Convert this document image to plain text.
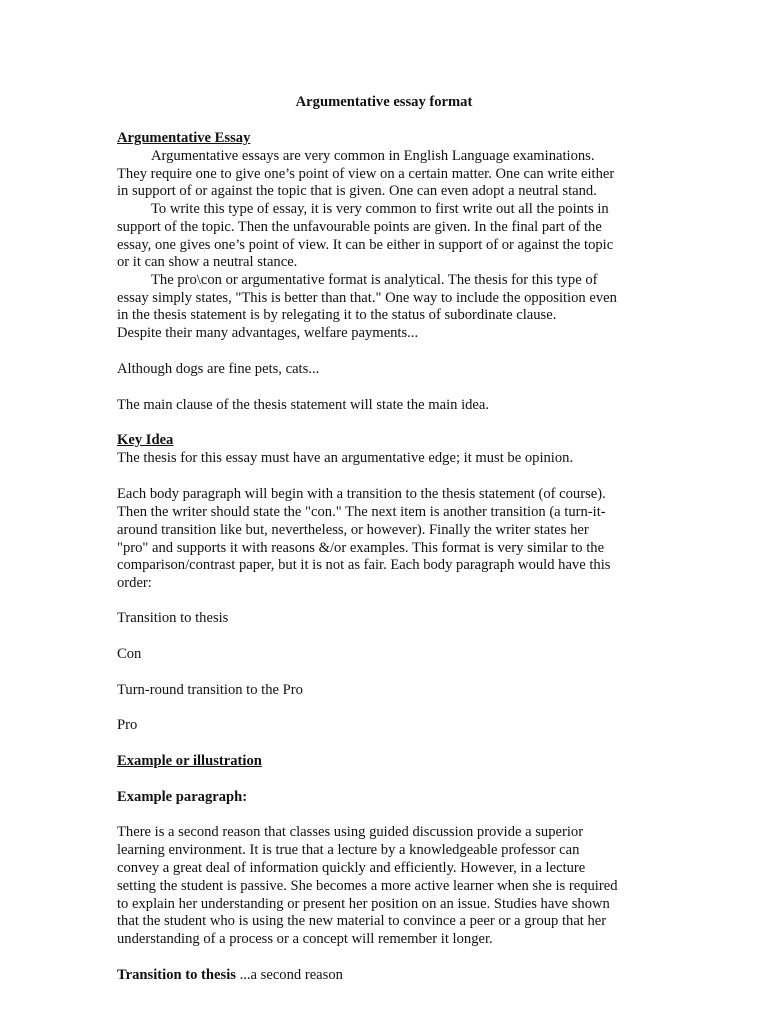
Argumentative essay format
Argumentative Essay
Argumentative essays are very common in English Language examinations.
They require one to give one’s point of view on a certain matter. One can write either
in support of or against the topic that is given. One can even adopt a neutral stand.
To write this type of essay, it is very common to first write out all the points in
support of the topic. Then the unfavourable points are given. In the final part of the
essay, one gives one’s point of view. It can be either in support of or against the topic
or it can show a neutral stance.
The pro\con or argumentative format is analytical. The thesis for this type of
essay simply states, "This is better than that." One way to include the opposition even
in the thesis statement is by relegating it to the status of subordinate clause.
Despite their many advantages, welfare payments...
Although dogs are fine pets, cats...
The main clause of the thesis statement will state the main idea.
Key Idea
The thesis for this essay must have an argumentative edge; it must be opinion.
Each body paragraph will begin with a transition to the thesis statement (of course).
Then the writer should state the "con." The next item is another transition (a turn-it-
around transition like but, nevertheless, or however). Finally the writer states her
"pro" and supports it with reasons &/or examples. This format is very similar to the
comparison/contrast paper, but it is not as fair. Each body paragraph would have this
order:
Transition to thesis
Con
Turn-round transition to the Pro
Pro
Example or illustration
Example paragraph:
There is a second reason that classes using guided discussion provide a superior
learning environment. It is true that a lecture by a knowledgeable professor can
convey a great deal of information quickly and efficiently. However, in a lecture
setting the student is passive. She becomes a more active learner when she is required
to explain her understanding or present her position on an issue. Studies have shown
that the student who is using the new material to convince a peer or a group that her
understanding of a process or a concept will remember it longer.
Transition to thesis ...a second reason
